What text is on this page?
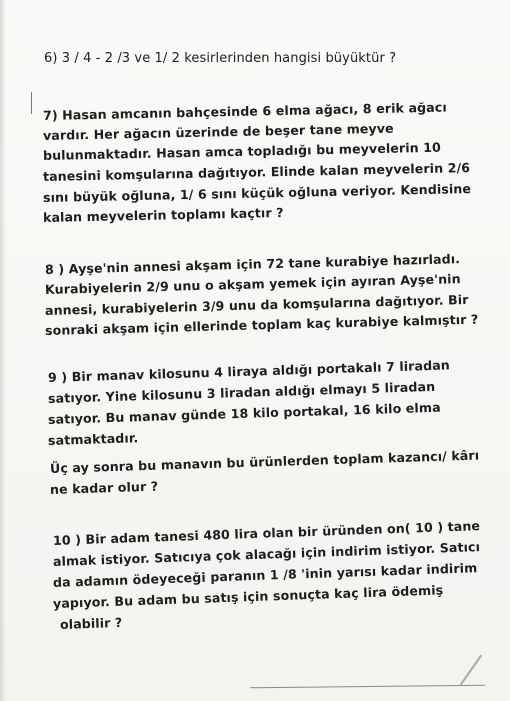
6) 3 / 4 - 2 /3 ve 1/ 2 kesirlerinden hangisi büyüktür ?
7) Hasan amcanın bahçesinde 6 elma ağacı, 8 erik ağacı
vardır. Her ağacın üzerinde de beşer tane meyve
bulunmaktadır. Hasan amca topladığı bu meyvelerin 10
tanesini komşularına dağıtıyor. Elinde kalan meyvelerin 2/6
sını büyük oğluna, 1/ 6 sını küçük oğluna veriyor. Kendisine
kalan meyvelerin toplamı kaçtır ?
8 ) Ayşe'nin annesi akşam için 72 tane kurabiye hazırladı.
Kurabiyelerin 2/9 unu o akşam yemek için ayıran Ayşe'nin
annesi, kurabiyelerin 3/9 unu da komşularına dağıtıyor. Bir
sonraki akşam için ellerinde toplam kaç kurabiye kalmıştır ?
9 ) Bir manav kilosunu 4 liraya aldığı portakalı 7 liradan
satıyor. Yine kilosunu 3 liradan aldığı elmayı 5 liradan
satıyor. Bu manav günde 18 kilo portakal, 16 kilo elma
satmaktadır.
Üç ay sonra bu manavın bu ürünlerden toplam kazancı/ kârı
ne kadar olur ?
10 ) Bir adam tanesi 480 lira olan bir üründen on( 10 ) tane
almak istiyor. Satıcıya çok alacağı için indirim istiyor. Satıcı
da adamın ödeyeceği paranın 1 /8 'inin yarısı kadar indirim
yapıyor. Bu adam bu satış için sonuçta kaç lira ödemiş
olabilir ?
